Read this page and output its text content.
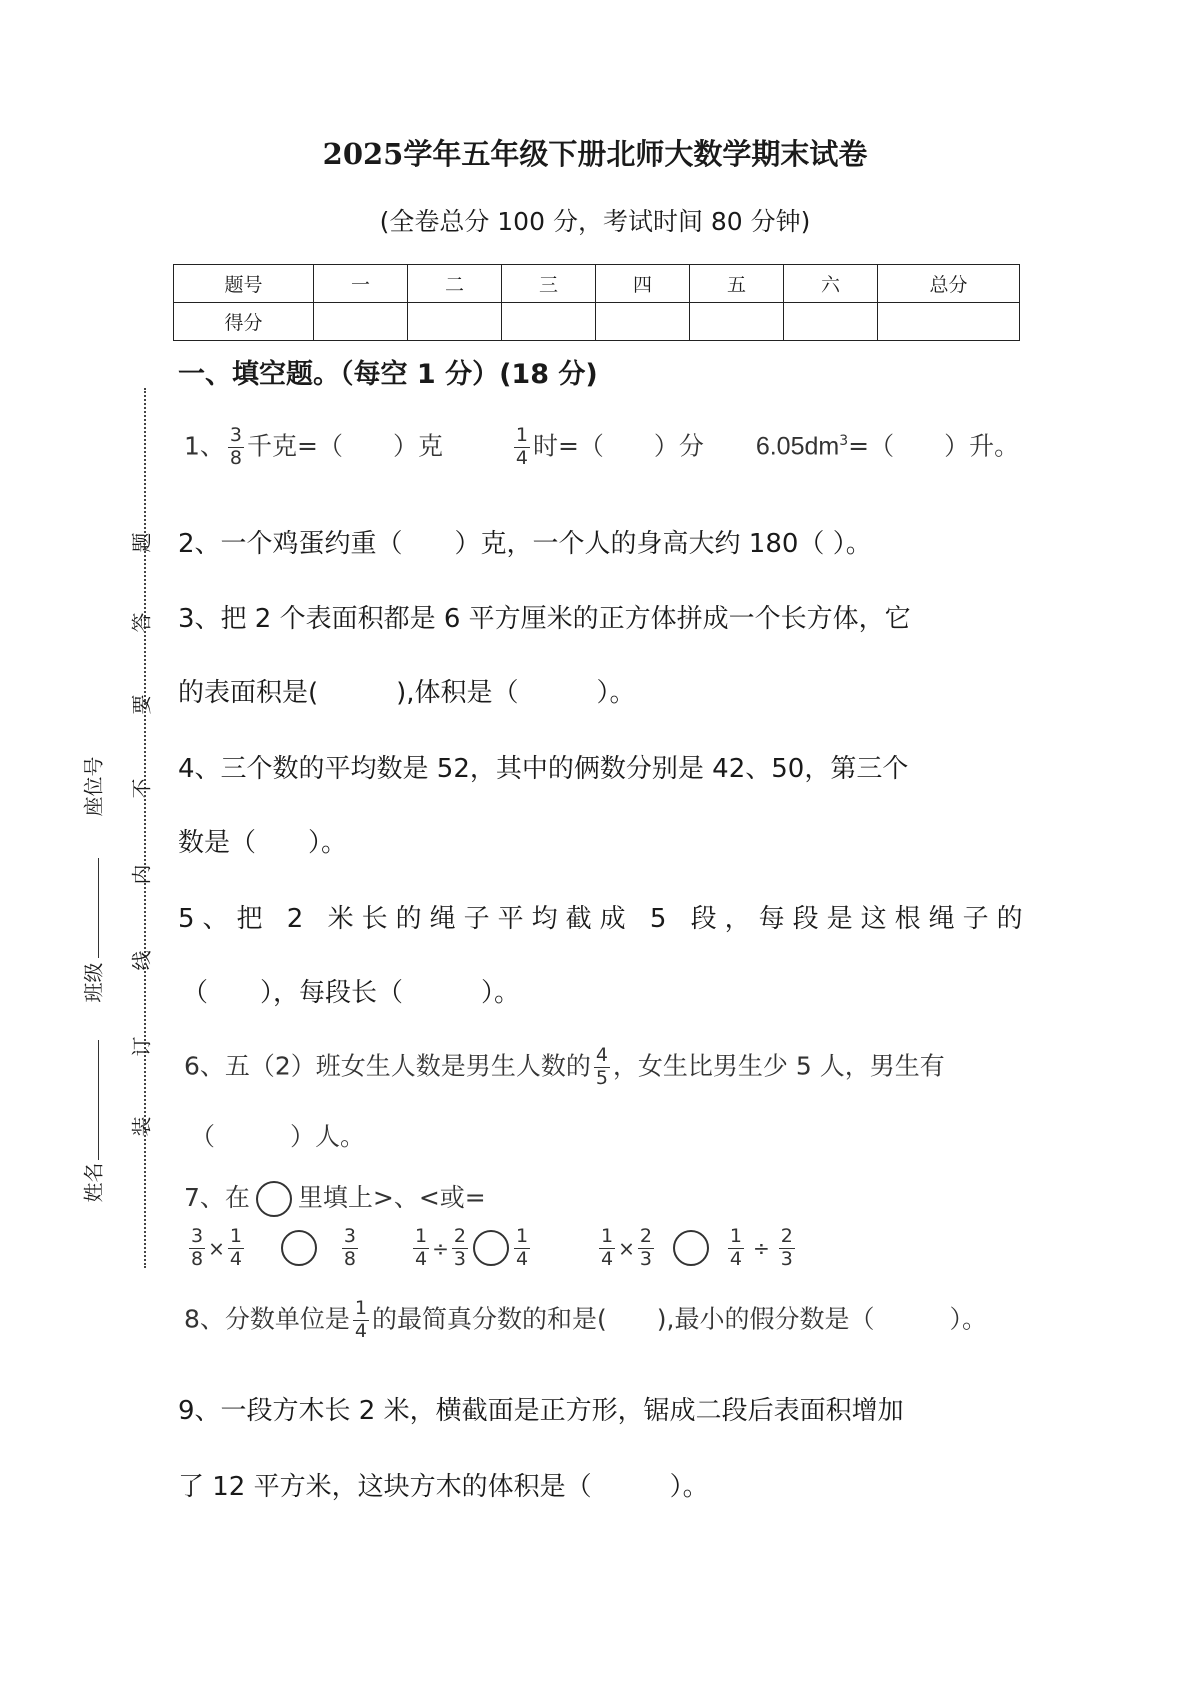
2025学年五年级下册北师大数学期末试卷
(全卷总分 100 分，考试时间 80 分钟)
题号	一	二	三	四	五	六	总分
得分							
一、填空题。（每空 1 分）(18 分)
1、 $\frac{3}{8}$ 千克=（　　）克	$\frac{1}{4}$ 时=（　　）分 $6.05dm^3=$（　　）升。
2、一个鸡蛋约重（　　）克，一个人的身高大约 180（ ）。
3、把 2 个表面积都是 6 平方厘米的正方体拼成一个长方体，它
的表面积是(　　　),体积是（　　　）。
4、三个数的平均数是 52，其中的俩数分别是 42、50，第三个
数是（　　）。
5、把 2 米长的绳子平均截成 5 段，每段是这根绳子的
（　　），每段长（　　　）。
6、五（2）班女生人数是男生人数的 $\frac{4}{5}$ ，女生比男生少 5 人，男生有
（　　　）人。
7、在 里填上>、<或=
$\frac{3}{8} \times \frac{1}{4}$
	$\frac{3}{8}$	$\frac{1}{4} \div \frac{2}{3} \frac{1}{4}$	$\frac{1}{4} \times \frac{2}{3}$
	$\frac{1}{4} \div \frac{2}{3}$
8、分数单位是 $\frac{1}{4}$ 的最简真分数的和是(　　),最小的假分数是（　　　）。
9、一段方木长 2 米，横截面是正方形，锯成二段后表面积增加
了 12 平方米，这块方木的体积是（　　　）。
题
答
要
不
内
线
订
装
座位号
班级
姓名
